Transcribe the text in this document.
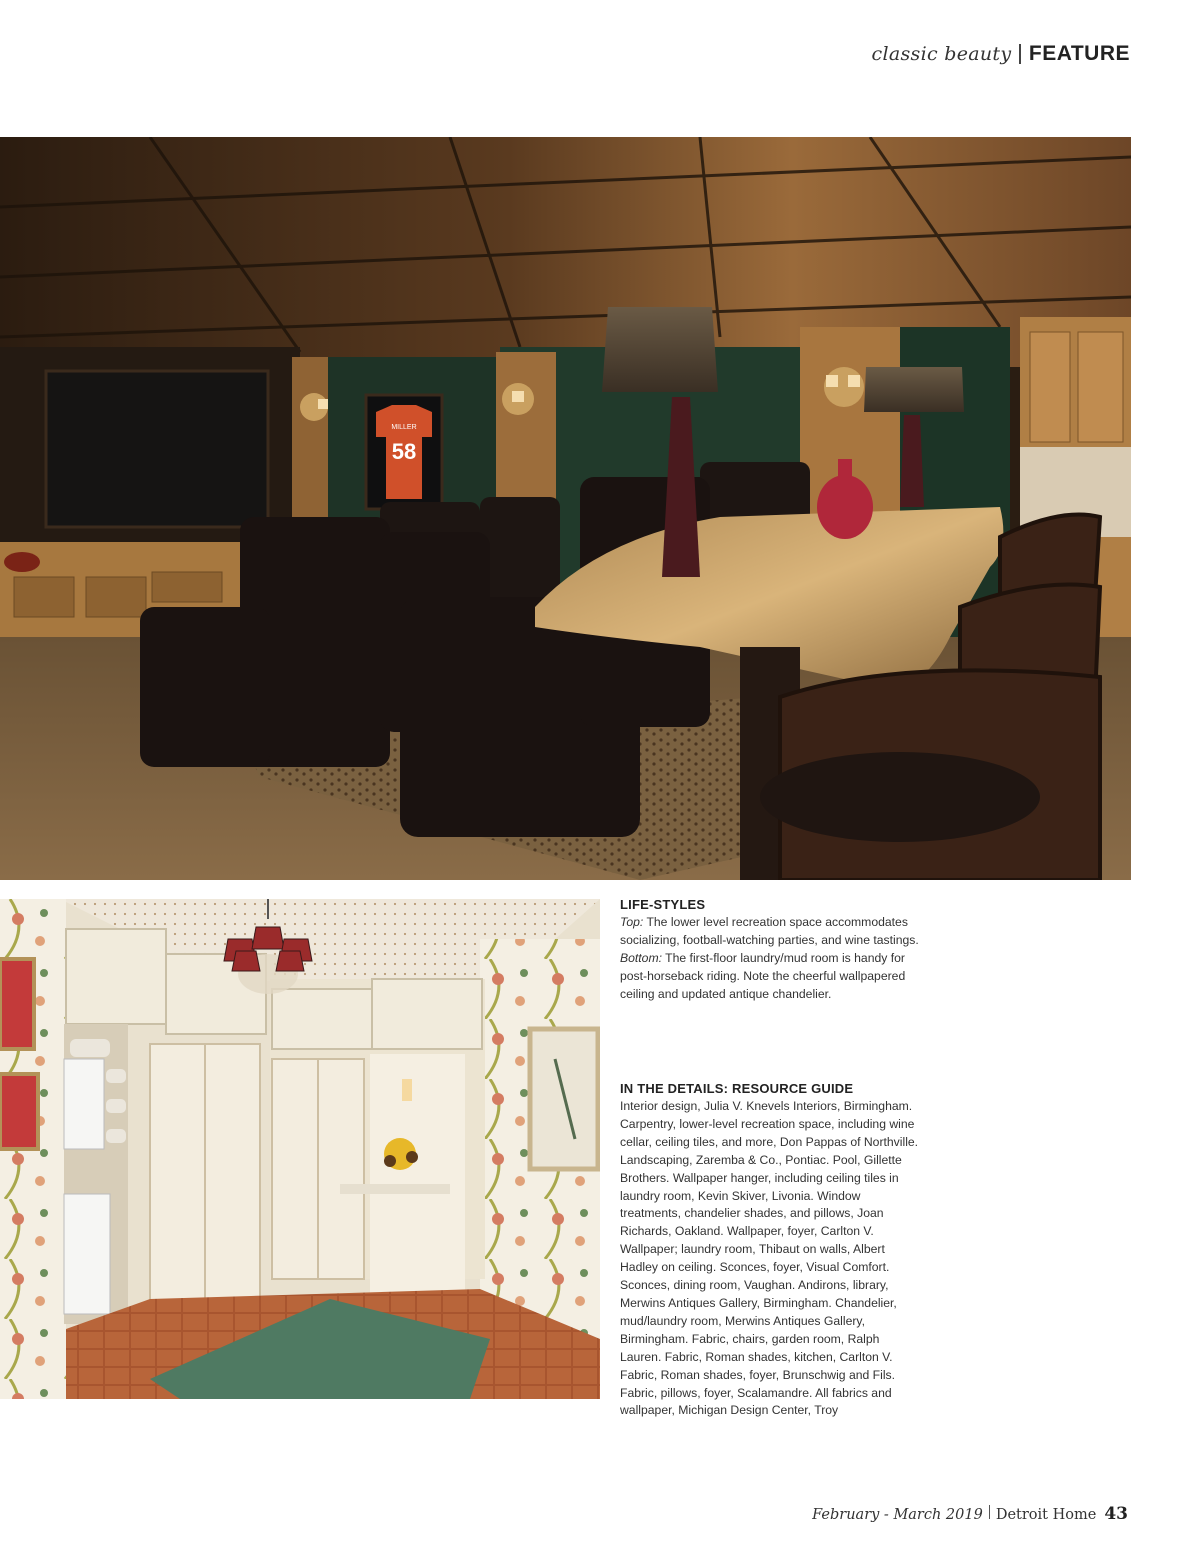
classic beauty FEATURE
MILLER
58
LIFE-STYLES
Top: The lower level recreation space accommodates socializing, football-watching parties, and wine tastings. Bottom: The first-floor laundry/mud room is handy for post-horseback riding. Note the cheerful wallpapered ceiling and updated antique chandelier.
IN THE DETAILS: RESOURCE GUIDE
Interior design, Julia V. Knevels Interiors, Birmingham. Carpentry, lower-level recreation space, including wine cellar, ceiling tiles, and more, Don Pappas of Northville. Landscaping, Zaremba & Co., Pontiac. Pool, Gillette Brothers. Wallpaper hanger, including ceiling tiles in laundry room, Kevin Skiver, Livonia. Window treatments, chandelier shades, and pillows, Joan Richards, Oakland. Wallpaper, foyer, Carlton V. Wallpaper; laundry room, Thibaut on walls, Albert Hadley on ceiling. Sconces, foyer, Visual Comfort. Sconces, dining room, Vaughan. Andirons, library, Merwins Antiques Gallery, Birmingham. Chandelier, mud/laundry room, Merwins Antiques Gallery, Birmingham. Fabric, chairs, garden room, Ralph Lauren. Fabric, Roman shades, kitchen, Carlton V. Fabric, Roman shades, foyer, Brunschwig and Fils. Fabric, pillows, foyer, Scalamandre. All fabrics and wallpaper, Michigan Design Center, Troy
February - March 2019 Detroit Home 43
